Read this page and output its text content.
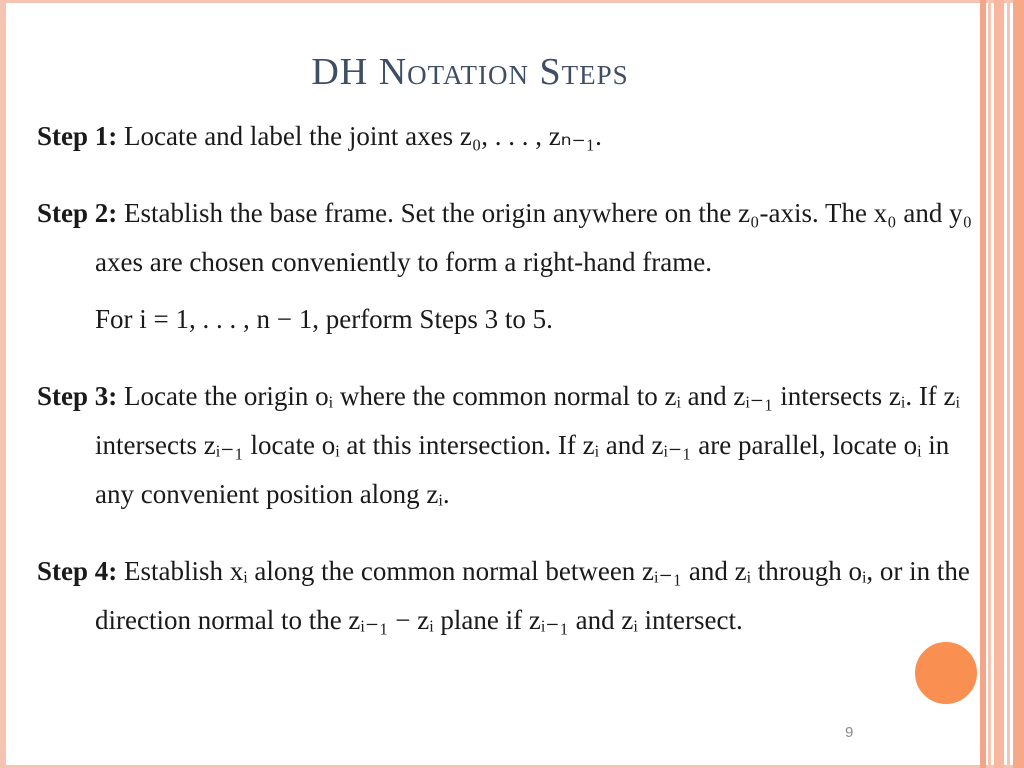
DH Notation Steps
Step 1: Locate and label the joint axes z₀, . . . , zₙ₋₁.
Step 2: Establish the base frame. Set the origin anywhere on the z₀-axis. The x₀ and y₀
axes are chosen conveniently to form a right-hand frame.
For i = 1, . . . , n − 1, perform Steps 3 to 5.
Step 3: Locate the origin oᵢ where the common normal to zᵢ and zᵢ₋₁ intersects zᵢ. If zᵢ
intersects zᵢ₋₁ locate oᵢ at this intersection. If zᵢ and zᵢ₋₁ are parallel, locate oᵢ in
any convenient position along zᵢ.
Step 4: Establish xᵢ along the common normal between zᵢ₋₁ and zᵢ through oᵢ, or in the
direction normal to the zᵢ₋₁ − zᵢ plane if zᵢ₋₁ and zᵢ intersect.
9
